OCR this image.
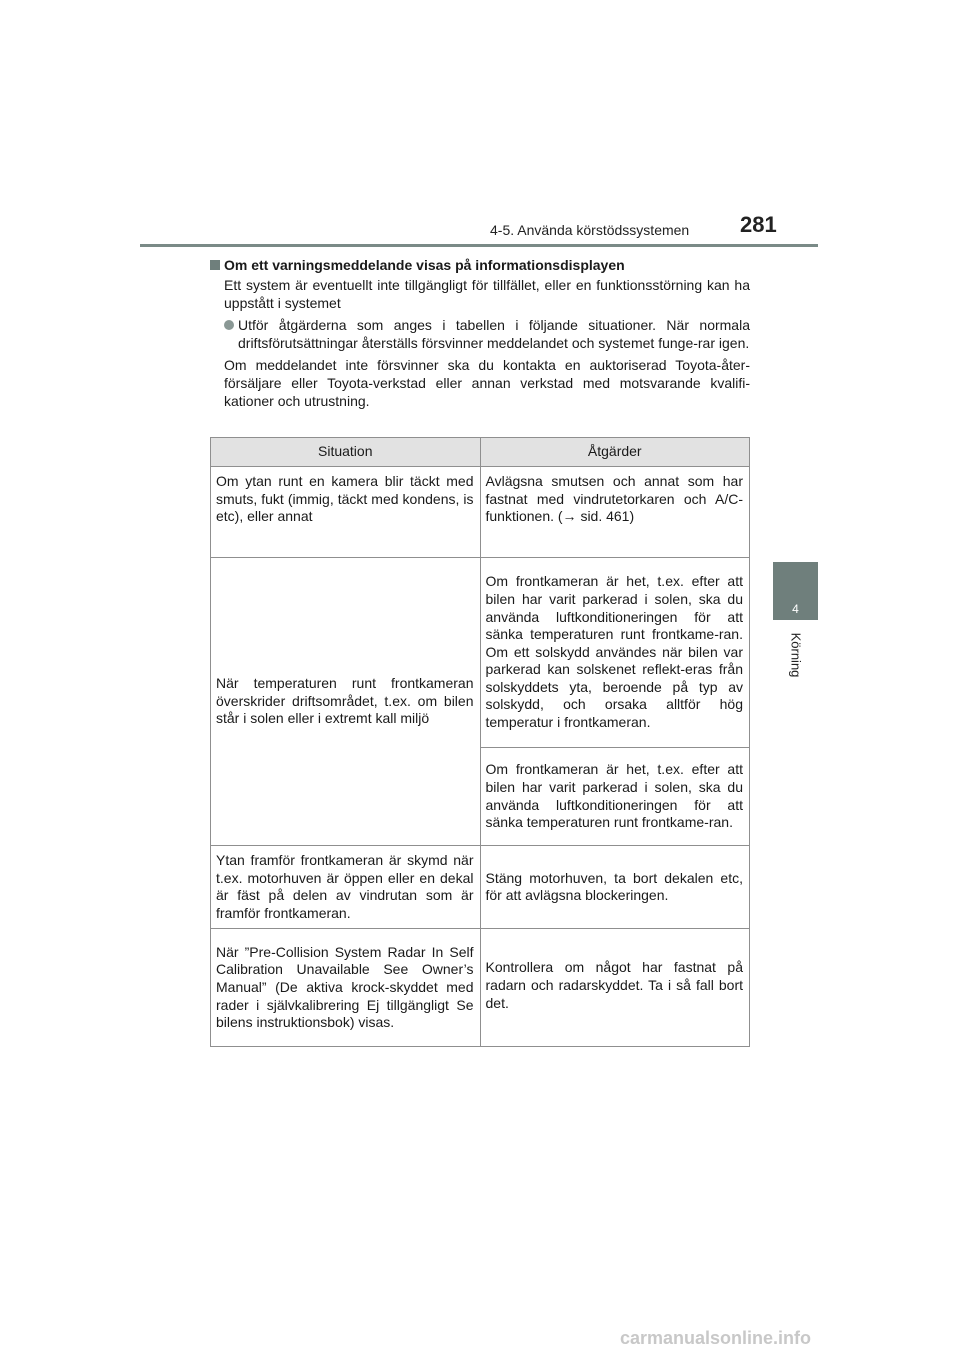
4-5. Använda körstödssystemen 281
4
Körning
Om ett varningsmeddelande visas på informationsdisplayen

Ett system är eventuellt inte tillgängligt för tillfället, eller en funktionsstörning kan ha uppstått i systemet

Utför åtgärderna som anges i tabellen i följande situationer. När normala driftsförutsättningar återställs försvinner meddelandet och systemet funge-rar igen.

Om meddelandet inte försvinner ska du kontakta en auktoriserad Toyota-åter-försäljare eller Toyota-verkstad eller annan verkstad med motsvarande kvalifi-kationer och utrustning.

Situation	Åtgärder
Om ytan runt en kamera blir täckt med smuts, fukt (immig, täckt med kondens, is etc), eller annat	Avlägsna smutsen och annat som har fastnat med vindrutetorkaren och A/C-funktionen. (→ sid. 461)
När temperaturen runt frontkameran överskrider driftsområdet, t.ex. om bilen står i solen eller i extremt kall miljö	Om frontkameran är het, t.ex. efter att bilen har varit parkerad i solen, ska du använda luftkonditioneringen för att sänka temperaturen runt frontkame-ran. Om ett solskydd användes när bilen var parkerad kan solskenet reflekt-eras från solskyddets yta, beroende på typ av solskydd, och orsaka alltför hög temperatur i frontkameran.
	Om frontkameran är het, t.ex. efter att bilen har varit parkerad i solen, ska du använda luftkonditioneringen för att sänka temperaturen runt frontkame-ran.
Ytan framför frontkameran är skymd när t.ex. motorhuven är öppen eller en dekal är fäst på delen av vindrutan som är framför frontkameran.	Stäng motorhuven, ta bort dekalen etc, för att avlägsna blockeringen.
När ”Pre-Collision System Radar In Self Calibration Unavailable See Owner’s Manual” (De aktiva krock-skyddet med rader i självkalibrering Ej tillgängligt Se bilens instruktionsbok) visas.	Kontrollera om något har fastnat på radarn och radarskyddet. Ta i så fall bort det.
carmanualsonline.info
